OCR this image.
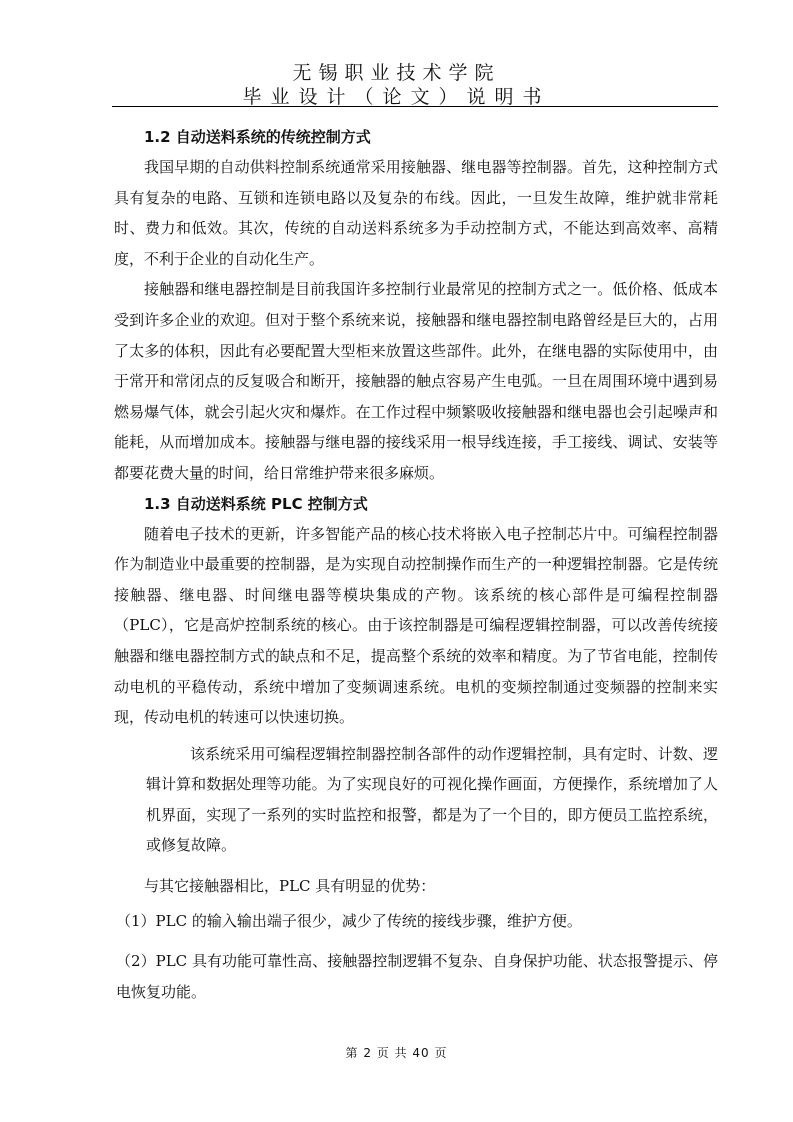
无锡职业技术学院
毕业设计（论文）说明书
1.2 自动送料系统的传统控制方式

我国早期的自动供料控制系统通常采用接触器、继电器等控制器。首先，这种控制方式具有复杂的电路、互锁和连锁电路以及复杂的布线。因此，一旦发生故障，维护就非常耗时、费力和低效。其次，传统的自动送料系统多为手动控制方式，不能达到高效率、高精度，不利于企业的自动化生产。

接触器和继电器控制是目前我国许多控制行业最常见的控制方式之一。低价格、低成本受到许多企业的欢迎。但对于整个系统来说，接触器和继电器控制电路曾经是巨大的，占用了太多的体积，因此有必要配置大型柜来放置这些部件。此外，在继电器的实际使用中，由于常开和常闭点的反复吸合和断开，接触器的触点容易产生电弧。一旦在周围环境中遇到易燃易爆气体，就会引起火灾和爆炸。在工作过程中频繁吸收接触器和继电器也会引起噪声和能耗，从而增加成本。接触器与继电器的接线采用一根导线连接，手工接线、调试、安装等都要花费大量的时间，给日常维护带来很多麻烦。

1.3 自动送料系统 PLC 控制方式

随着电子技术的更新，许多智能产品的核心技术将嵌入电子控制芯片中。可编程控制器作为制造业中最重要的控制器，是为实现自动控制操作而生产的一种逻辑控制器。它是传统接触器、继电器、时间继电器等模块集成的产物。该系统的核心部件是可编程控制器（PLC），它是高炉控制系统的核心。由于该控制器是可编程逻辑控制器，可以改善传统接触器和继电器控制方式的缺点和不足，提高整个系统的效率和精度。为了节省电能，控制传动电机的平稳传动，系统中增加了变频调速系统。电机的变频控制通过变频器的控制来实现，传动电机的转速可以快速切换。

该系统采用可编程逻辑控制器控制各部件的动作逻辑控制，具有定时、计数、逻辑计算和数据处理等功能。为了实现良好的可视化操作画面，方便操作，系统增加了人机界面，实现了一系列的实时监控和报警，都是为了一个目的，即方便员工监控系统，或修复故障。

与其它接触器相比，PLC 具有明显的优势：

（1）PLC 的输入输出端子很少，减少了传统的接线步骤，维护方便。

（2）PLC 具有功能可靠性高、接触器控制逻辑不复杂、自身保护功能、状态报警提示、停电恢复功能。

第 2 页 共 40 页
